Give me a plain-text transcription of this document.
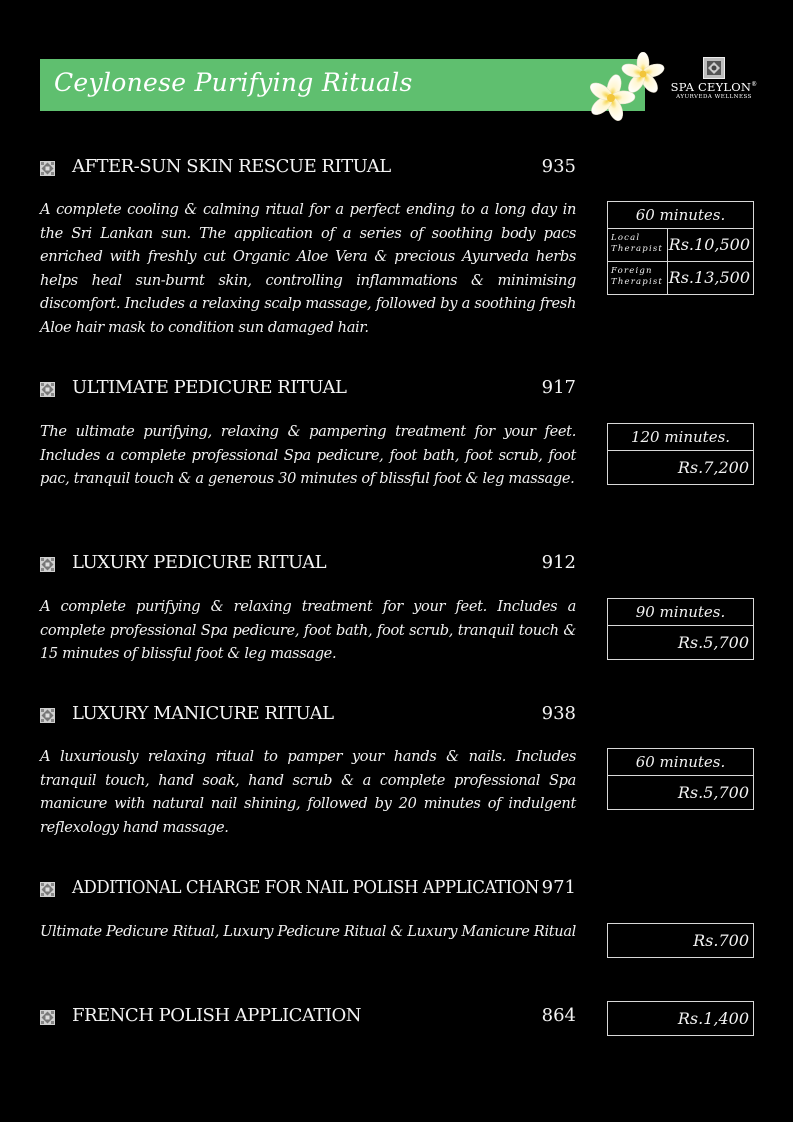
Ceylonese Purifying Rituals	SPA CEYLON®
AYURVEDA WELLNESS
AFTER-SUN SKIN RESCUE RITUAL	935

A complete cooling & calming ritual for a perfect ending to a long day in the Sri Lankan sun. The application of a series of soothing body pacs enriched with freshly cut Organic Aloe Vera & precious Ayurveda herbs helps heal sun-burnt skin, controlling inflammations & minimising discomfort. Includes a relaxing scalp massage, followed by a soothing fresh Aloe hair mask to condition sun damaged hair.

60 minutes.
Local
Therapist Rs.10,500
Foreign
Therapist Rs.13,500
ULTIMATE PEDICURE RITUAL	917

The ultimate purifying, relaxing & pampering treatment for your feet. Includes a complete professional Spa pedicure, foot bath, foot scrub, foot pac, tranquil touch & a generous 30 minutes of blissful foot & leg massage.

120 minutes.
Rs.7,200
LUXURY PEDICURE RITUAL	912

A complete purifying & relaxing treatment for your feet. Includes a complete professional Spa pedicure, foot bath, foot scrub, tranquil touch & 15 minutes of blissful foot & leg massage.

90 minutes.
Rs.5,700
LUXURY MANICURE RITUAL	938

A luxuriously relaxing ritual to pamper your hands & nails. Includes tranquil touch, hand soak, hand scrub & a complete professional Spa manicure with natural nail shining, followed by 20 minutes of indulgent reflexology hand massage.

60 minutes.
Rs.5,700
ADDITIONAL CHARGE FOR NAIL POLISH APPLICATION 971

Ultimate Pedicure Ritual, Luxury Pedicure Ritual & Luxury Manicure Ritual	Rs.700
FRENCH POLISH APPLICATION	864	Rs.1,400
